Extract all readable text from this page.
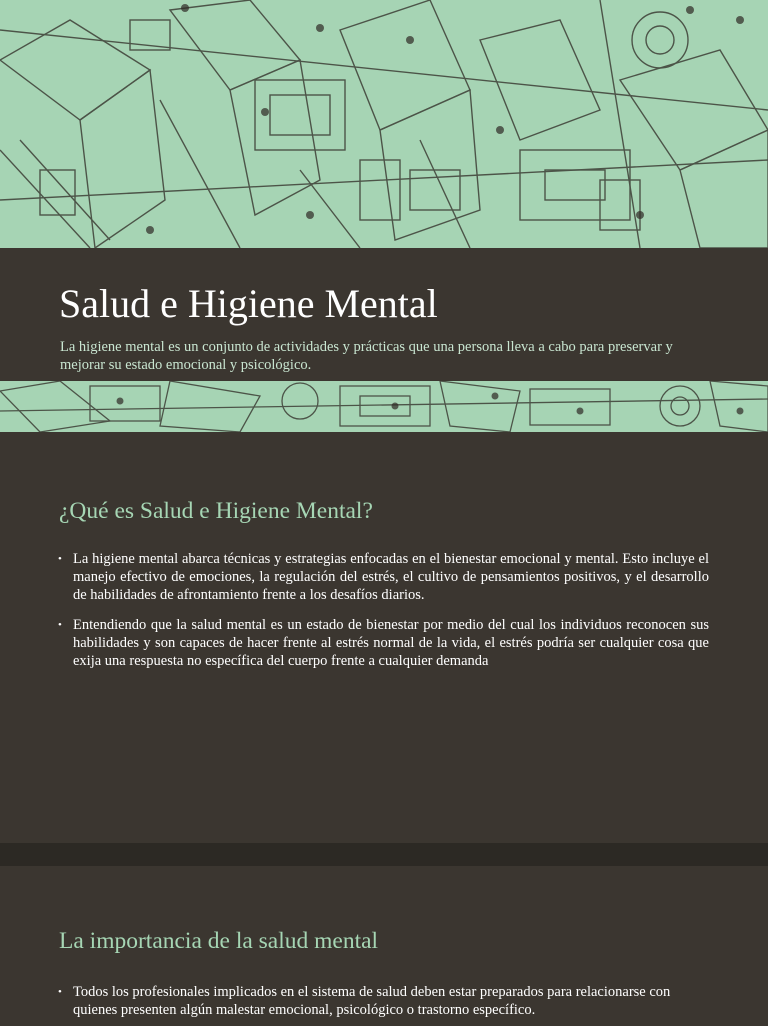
Salud e Higiene Mental

La higiene mental es un conjunto de actividades y prácticas que una persona lleva a cabo para preservar y mejorar su estado emocional y psicológico.

¿Qué es Salud e Higiene Mental?
• La higiene mental abarca técnicas y estrategias enfocadas en el bienestar emocional y mental. Esto incluye el manejo efectivo de emociones, la regulación del estrés, el cultivo de pensamientos positivos, y el desarrollo de habilidades de afrontamiento frente a los desafíos diarios.
• Entendiendo que la salud mental es un estado de bienestar por medio del cual los individuos reconocen sus habilidades y son capaces de hacer frente al estrés normal de la vida, el estrés podría ser cualquier cosa que exija una respuesta no específica del cuerpo frente a cualquier demanda
La importancia de la salud mental
• Todos los profesionales implicados en el sistema de salud deben estar preparados para relacionarse con quienes presenten algún malestar emocional, psicológico o trastorno específico.
